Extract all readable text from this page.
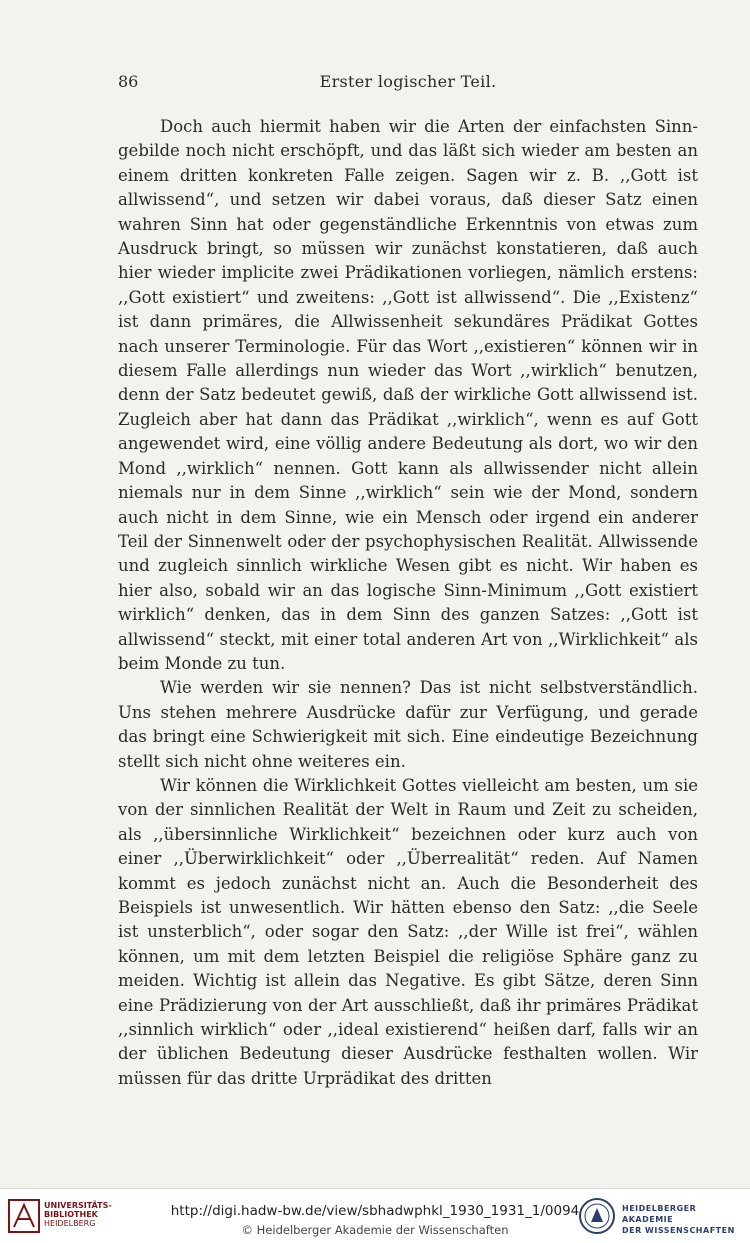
86	Erster logischer Teil.

Doch auch hiermit haben wir die Arten der einfachsten Sinngebilde noch nicht erschöpft, und das läßt sich wieder am besten an einem dritten konkreten Falle zeigen. Sagen wir z. B. ,,Gott ist allwissend“, und setzen wir dabei voraus, daß dieser Satz einen wahren Sinn hat oder gegenständliche Erkenntnis von etwas zum Ausdruck bringt, so müssen wir zunächst konstatieren, daß auch hier wieder implicite zwei Prädikationen vorliegen, nämlich erstens: ,,Gott existiert“ und zweitens: ,,Gott ist allwissend“. Die ,,Existenz“ ist dann primäres, die Allwissenheit sekundäres Prädikat Gottes nach unserer Terminologie. Für das Wort ,,existieren“ können wir in diesem Falle allerdings nun wieder das Wort ,,wirklich“ benutzen, denn der Satz bedeutet gewiß, daß der wirkliche Gott allwissend ist. Zugleich aber hat dann das Prädikat ,,wirklich“, wenn es auf Gott angewendet wird, eine völlig andere Bedeutung als dort, wo wir den Mond ,,wirklich“ nennen. Gott kann als allwissender nicht allein niemals nur in dem Sinne ,,wirklich“ sein wie der Mond, sondern auch nicht in dem Sinne, wie ein Mensch oder irgend ein anderer Teil der Sinnenwelt oder der psychophysischen Realität. Allwissende und zugleich sinnlich wirkliche Wesen gibt es nicht. Wir haben es hier also, sobald wir an das logische Sinn-Minimum ,,Gott existiert wirklich“ denken, das in dem Sinn des ganzen Satzes: ,,Gott ist allwissend“ steckt, mit einer total anderen Art von ,,Wirklichkeit“ als beim Monde zu tun.

Wie werden wir sie nennen? Das ist nicht selbstverständlich. Uns stehen mehrere Ausdrücke dafür zur Verfügung, und gerade das bringt eine Schwierigkeit mit sich. Eine eindeutige Bezeichnung stellt sich nicht ohne weiteres ein.

Wir können die Wirklichkeit Gottes vielleicht am besten, um sie von der sinnlichen Realität der Welt in Raum und Zeit zu scheiden, als ,,übersinnliche Wirklichkeit“ bezeichnen oder kurz auch von einer ,,Überwirklichkeit“ oder ,,Überrealität“ reden. Auf Namen kommt es jedoch zunächst nicht an. Auch die Besonderheit des Beispiels ist unwesentlich. Wir hätten ebenso den Satz: ,,die Seele ist unsterblich“, oder sogar den Satz: ,,der Wille ist frei“, wählen können, um mit dem letzten Beispiel die religiöse Sphäre ganz zu meiden. Wichtig ist allein das Negative. Es gibt Sätze, deren Sinn eine Prädizierung von der Art ausschließt, daß ihr primäres Prädikat ,,sinnlich wirklich“ oder ,,ideal existierend“ heißen darf, falls wir an der üblichen Bedeutung dieser Ausdrücke festhalten wollen. Wir müssen für das dritte Urprädikat des dritten

UNIVERSITÄTS-
BIBLIOTHEK
HEIDELBERG
http://digi.hadw-bw.de/view/sbhadwphkl_1930_1931_1/0094
© Heidelberger Akademie der Wissenschaften
HEIDELBERGER AKADEMIE
DER WISSENSCHAFTEN
